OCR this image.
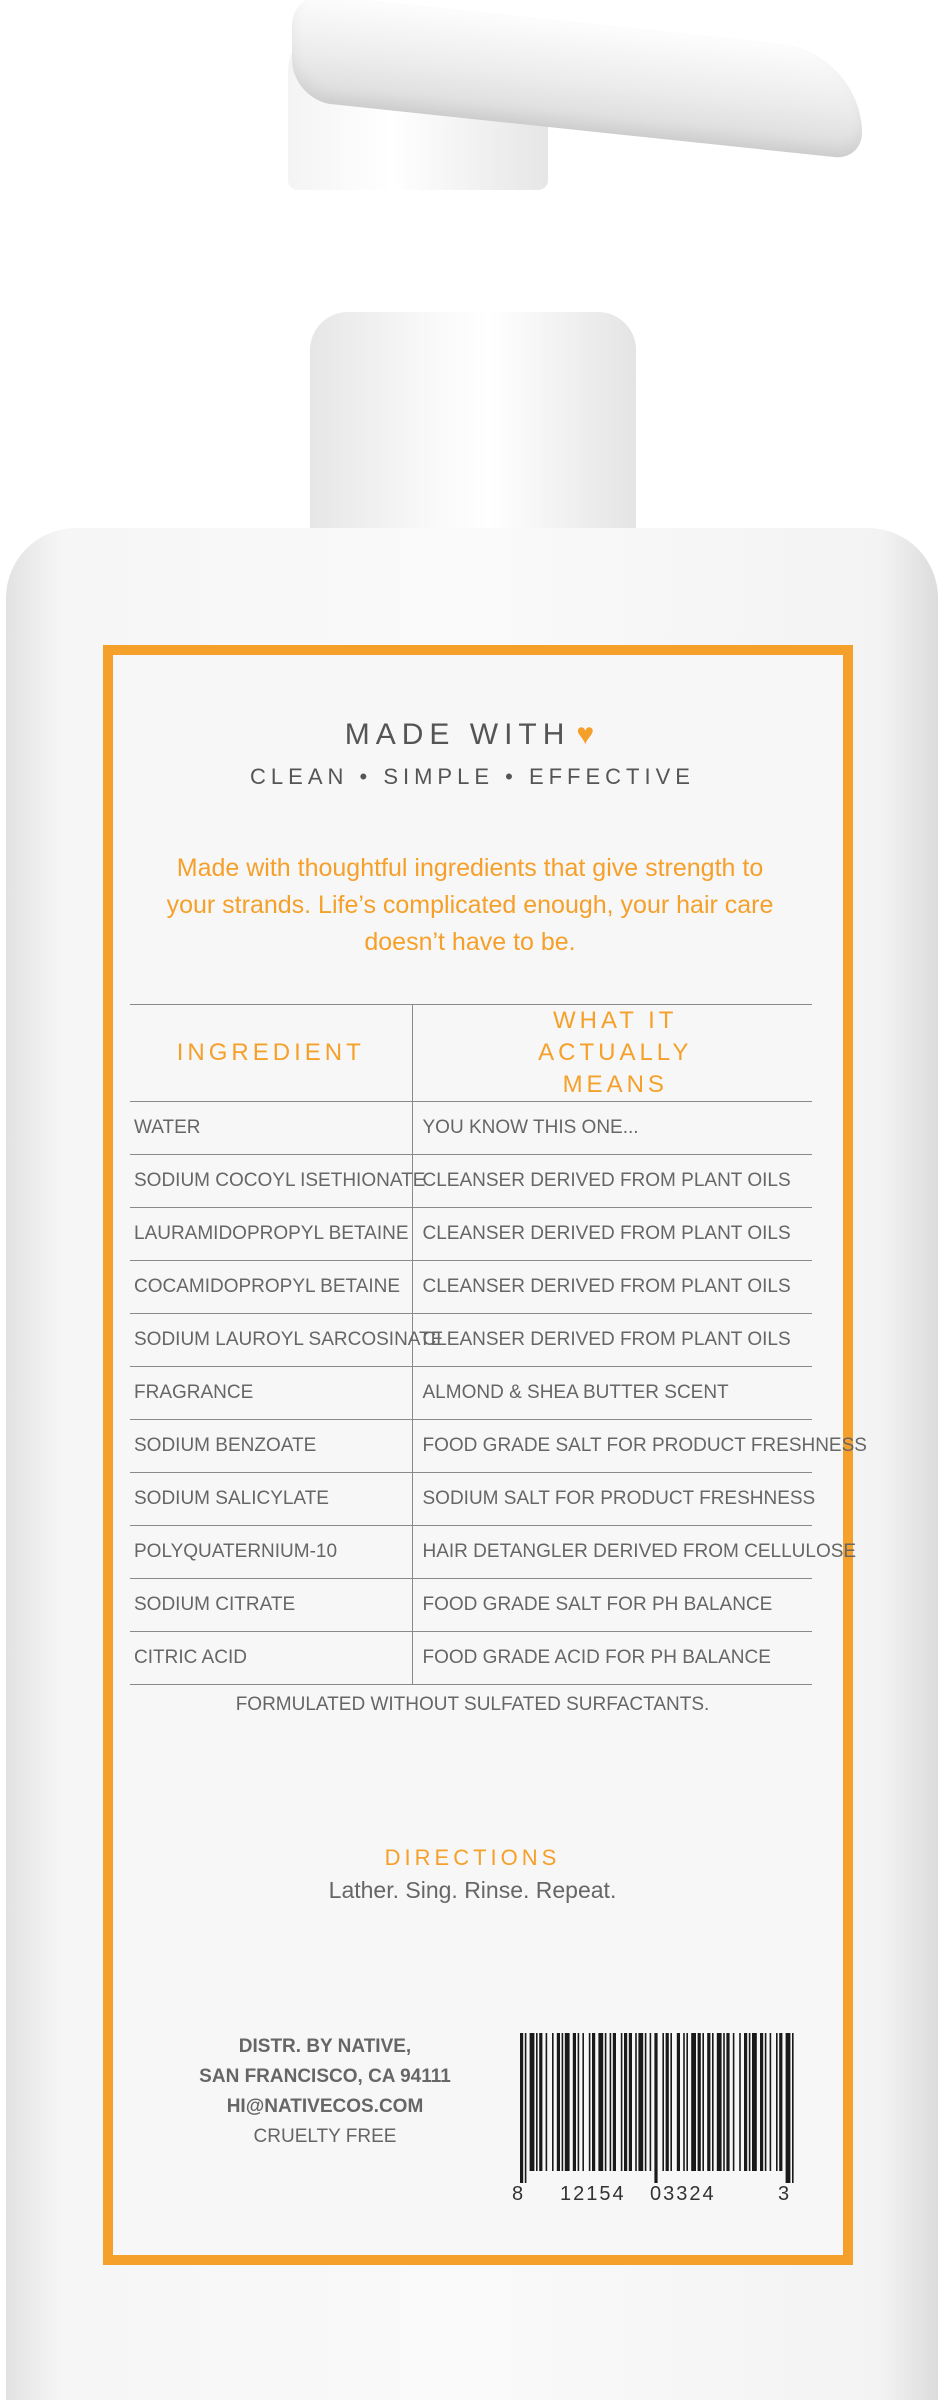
MADE WITH ♥
CLEAN • SIMPLE • EFFECTIVE
Made with thoughtful ingredients that give strength to your strands. Life’s complicated enough, your hair care doesn’t have to be.
INGREDIENT	WHAT IT ACTUALLY MEANS
WATER	YOU KNOW THIS ONE...
SODIUM COCOYL ISETHIONATE	CLEANSER DERIVED FROM PLANT OILS
LAURAMIDOPROPYL BETAINE	CLEANSER DERIVED FROM PLANT OILS
COCAMIDOPROPYL BETAINE	CLEANSER DERIVED FROM PLANT OILS
SODIUM LAUROYL SARCOSINATE	CLEANSER DERIVED FROM PLANT OILS
FRAGRANCE	ALMOND & SHEA BUTTER SCENT
SODIUM BENZOATE	FOOD GRADE SALT FOR PRODUCT FRESHNESS
SODIUM SALICYLATE	SODIUM SALT FOR PRODUCT FRESHNESS
POLYQUATERNIUM-10	HAIR DETANGLER DERIVED FROM CELLULOSE
SODIUM CITRATE	FOOD GRADE SALT FOR PH BALANCE
CITRIC ACID	FOOD GRADE ACID FOR PH BALANCE
FORMULATED WITHOUT SULFATED SURFACTANTS.
DIRECTIONS
Lather. Sing. Rinse. Repeat.
DISTR. BY NATIVE,
SAN FRANCISCO, CA 94111
HI@NATIVECOS.COM
CRUELTY FREE
8 12154 03324	3
